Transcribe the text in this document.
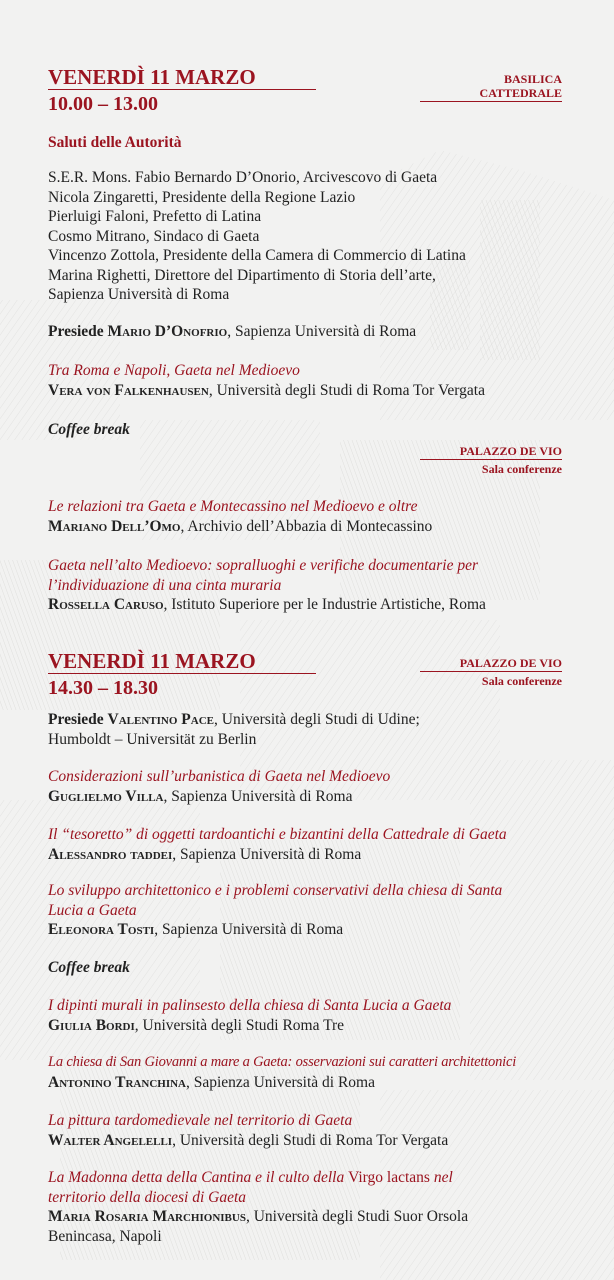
VENERDÌ 11 MARZO	BASILICA CATTEDRALE
10.00 – 13.00
Saluti delle Autorità
S.E.R. Mons. Fabio Bernardo D’Onorio, Arcivescovo di Gaeta
Nicola Zingaretti, Presidente della Regione Lazio
Pierluigi Faloni, Prefetto di Latina
Cosmo Mitrano, Sindaco di Gaeta
Vincenzo Zottola, Presidente della Camera di Commercio di Latina
Marina Righetti, Direttore del Dipartimento di Storia dell’arte,
Sapienza Università di Roma
Presiede Mario D’Onofrio, Sapienza Università di Roma
Tra Roma e Napoli, Gaeta nel Medioevo
Vera von Falkenhausen, Università degli Studi di Roma Tor Vergata
Coffee break
PALAZZO DE VIO
Sala conferenze
Le relazioni tra Gaeta e Montecassino nel Medioevo e oltre
Mariano Dell’Omo, Archivio dell’Abbazia di Montecassino
Gaeta nell’alto Medioevo: sopralluoghi e verifiche documentarie per
l’individuazione di una cinta muraria
Rossella Caruso, Istituto Superiore per le Industrie Artistiche, Roma
VENERDÌ 11 MARZO	PALAZZO DE VIO
Sala conferenze
14.30 – 18.30
Presiede Valentino Pace, Università degli Studi di Udine;
Humboldt – Universität zu Berlin
Considerazioni sull’urbanistica di Gaeta nel Medioevo
Guglielmo Villa, Sapienza Università di Roma
Il “tesoretto” di oggetti tardoantichi e bizantini della Cattedrale di Gaeta
Alessandro taddei, Sapienza Università di Roma
Lo sviluppo architettonico e i problemi conservativi della chiesa di Santa
Lucia a Gaeta
Eleonora Tosti, Sapienza Università di Roma
Coffee break
I dipinti murali in palinsesto della chiesa di Santa Lucia a Gaeta
Giulia Bordi, Università degli Studi Roma Tre
La chiesa di San Giovanni a mare a Gaeta: osservazioni sui caratteri architettonici
Antonino Tranchina, Sapienza Università di Roma
La pittura tardomedievale nel territorio di Gaeta
Walter Angelelli, Università degli Studi di Roma Tor Vergata
La Madonna detta della Cantina e il culto della Virgo lactans nel
territorio della diocesi di Gaeta
Maria Rosaria Marchionibus, Università degli Studi Suor Orsola
Benincasa, Napoli
